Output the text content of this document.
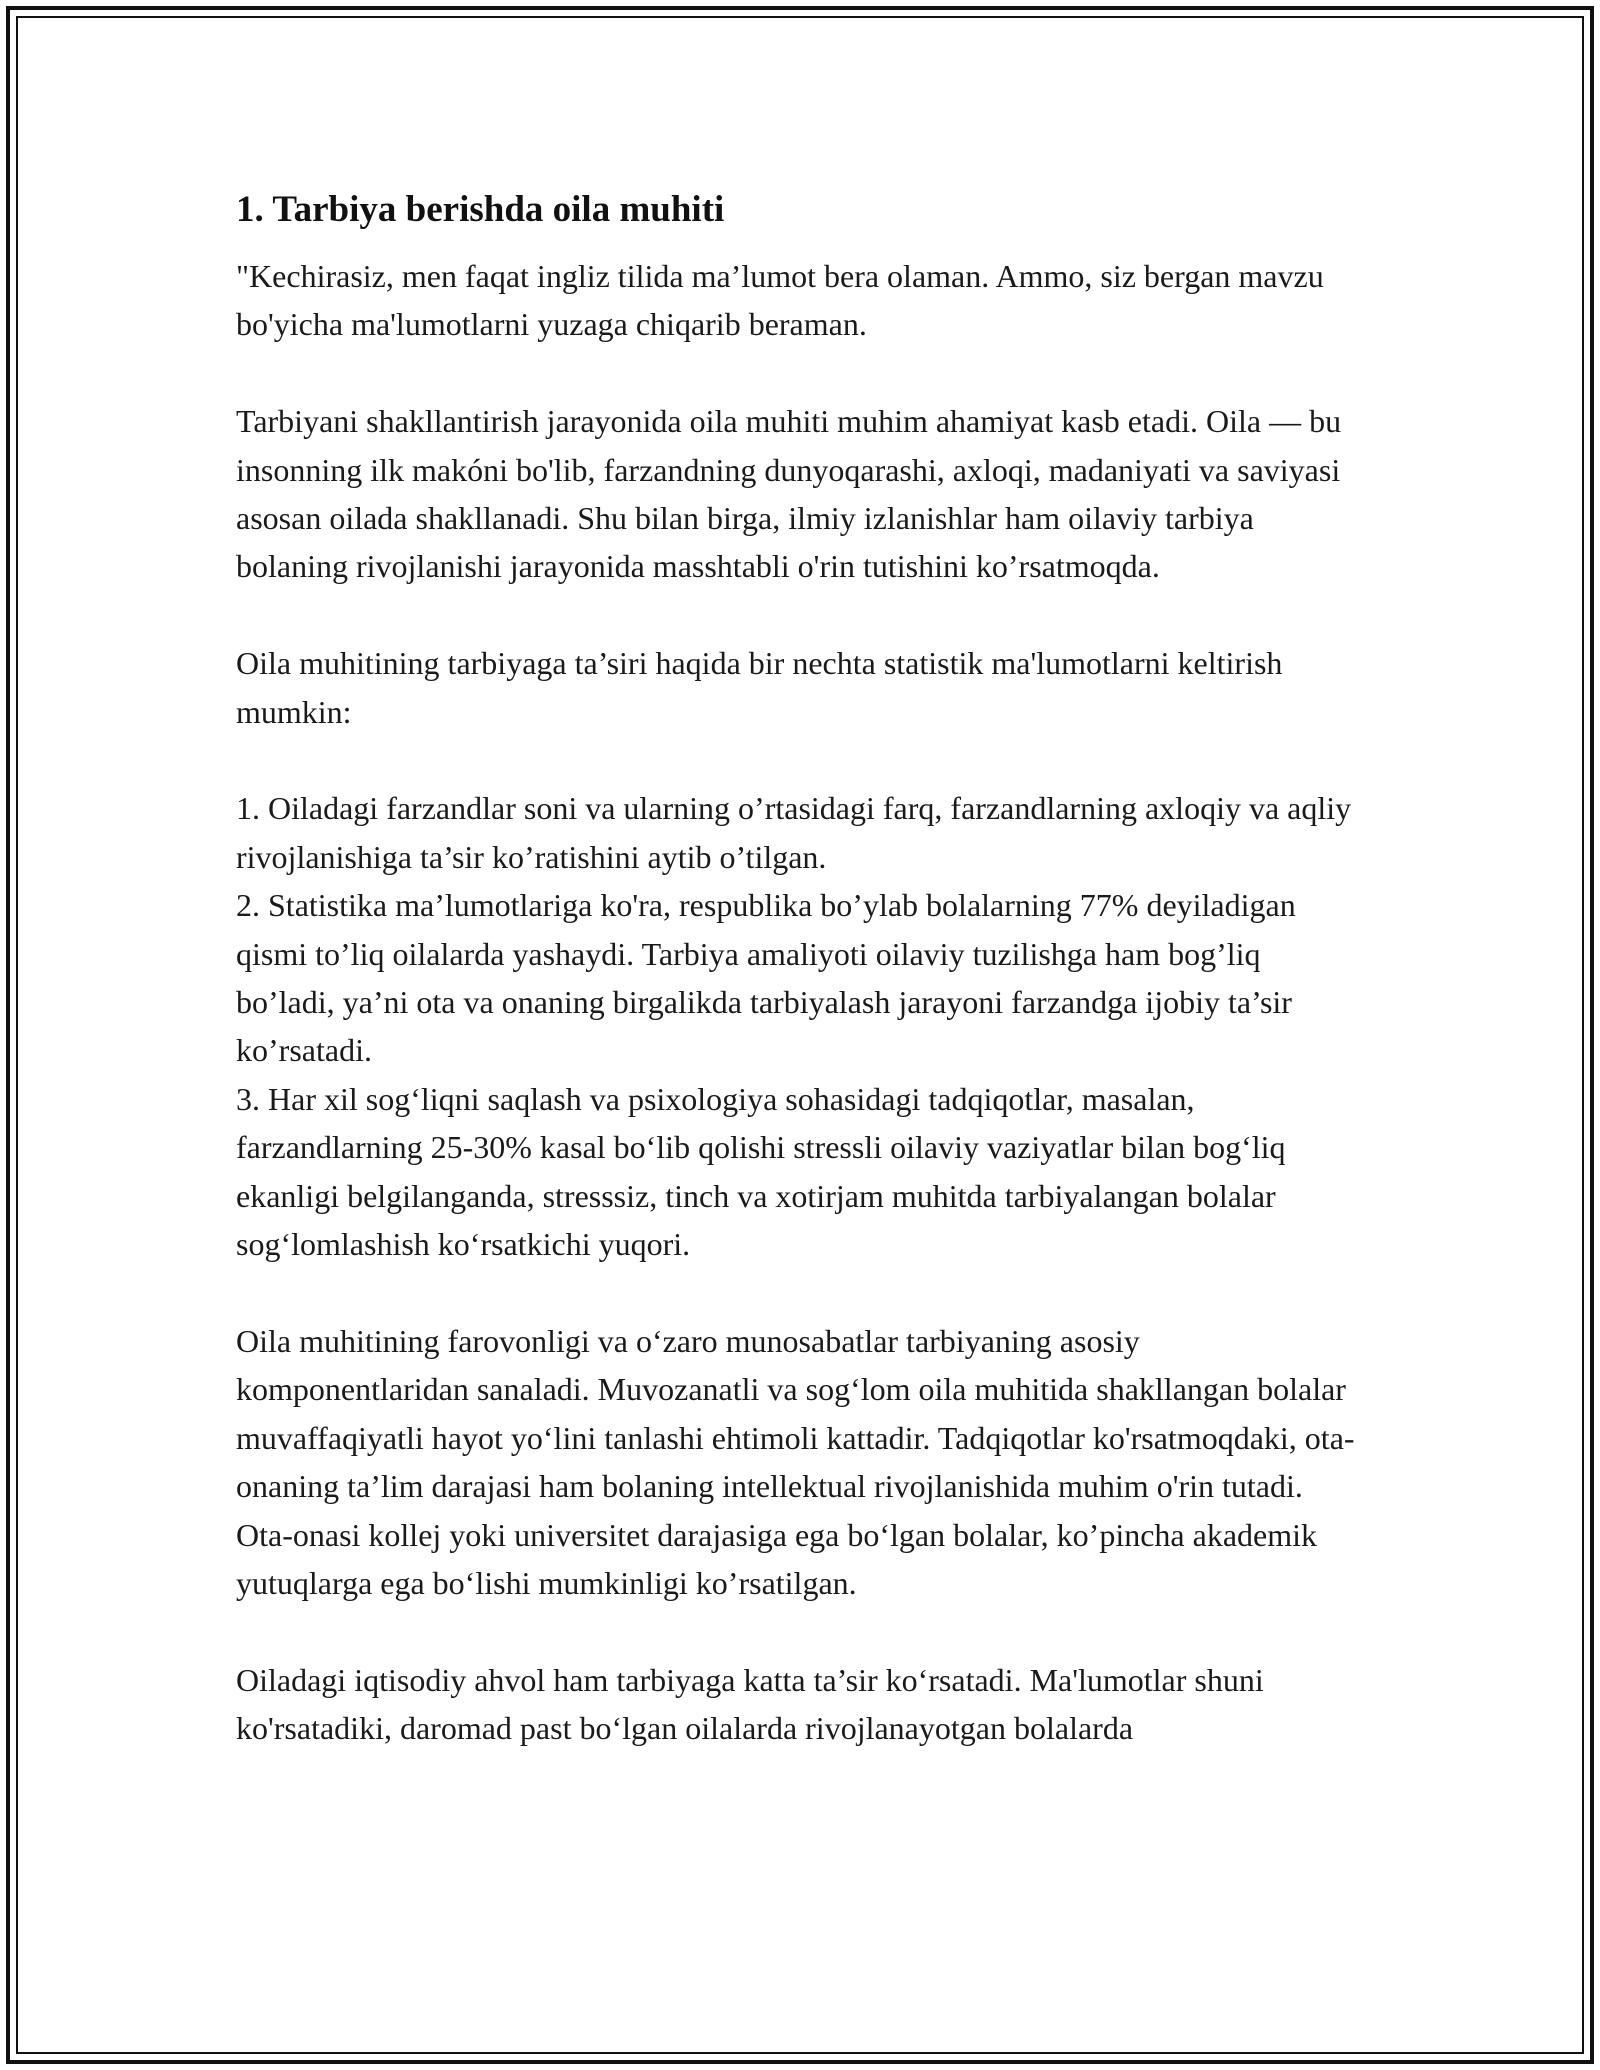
1. Tarbiya berishda oila muhiti

"Kechirasiz, men faqat ingliz tilida ma’lumot bera olaman. Ammo, siz bergan mavzu bo'yicha ma'lumotlarni yuzaga chiqarib beraman.

Tarbiyani shakllantirish jarayonida oila muhiti muhim ahamiyat kasb etadi. Oila — bu insonning ilk makóni bo'lib, farzandning dunyoqarashi, axloqi, madaniyati va saviyasi asosan oilada shakllanadi. Shu bilan birga, ilmiy izlanishlar ham oilaviy tarbiya bolaning rivojlanishi jarayonida masshtabli o'rin tutishini ko’rsatmoqda.

Oila muhitining tarbiyaga ta’siri haqida bir nechta statistik ma'lumotlarni keltirish mumkin:

1. Oiladagi farzandlar soni va ularning o’rtasidagi farq, farzandlarning axloqiy va aqliy rivojlanishiga ta’sir ko’ratishini aytib o’tilgan.

2. Statistika ma’lumotlariga ko'ra, respublika bo’ylab bolalarning 77% deyiladigan qismi to’liq oilalarda yashaydi. Tarbiya amaliyoti oilaviy tuzilishga ham bog’liq bo’ladi, ya’ni ota va onaning birgalikda tarbiyalash jarayoni farzandga ijobiy ta’sir ko’rsatadi.

3. Har xil sog‘liqni saqlash va psixologiya sohasidagi tadqiqotlar, masalan, farzandlarning 25-30% kasal bo‘lib qolishi stressli oilaviy vaziyatlar bilan bog‘liq ekanligi belgilanganda, stresssiz, tinch va xotirjam muhitda tarbiyalangan bolalar sog‘lomlashish ko‘rsatkichi yuqori.

Oila muhitining farovonligi va o‘zaro munosabatlar tarbiyaning asosiy komponentlaridan sanaladi. Muvozanatli va sog‘lom oila muhitida shakllangan bolalar muvaffaqiyatli hayot yo‘lini tanlashi ehtimoli kattadir. Tadqiqotlar ko'rsatmoqdaki, ota-onaning ta’lim darajasi ham bolaning intellektual rivojlanishida muhim o'rin tutadi. Ota-onasi kollej yoki universitet darajasiga ega bo‘lgan bolalar, ko’pincha akademik yutuqlarga ega bo‘lishi mumkinligi ko’rsatilgan.

Oiladagi iqtisodiy ahvol ham tarbiyaga katta ta’sir ko‘rsatadi. Ma'lumotlar shuni ko'rsatadiki, daromad past bo‘lgan oilalarda rivojlanayotgan bolalarda
